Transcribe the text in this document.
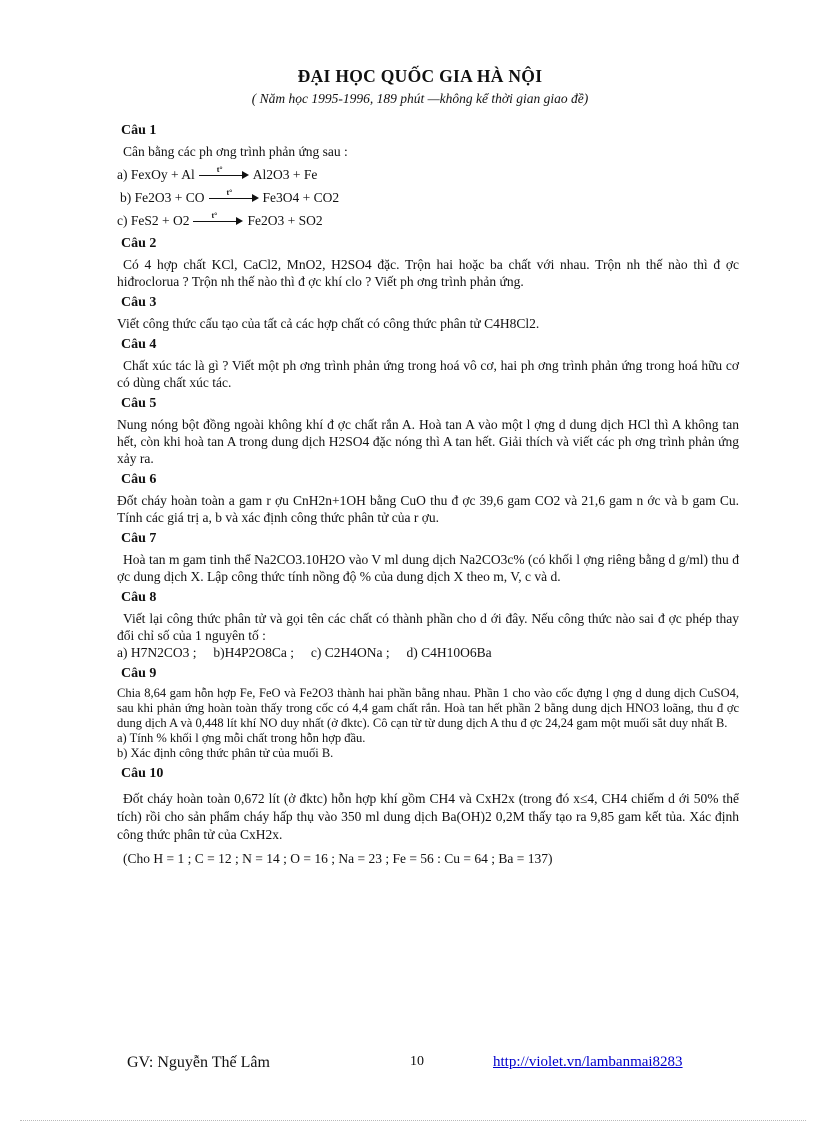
ĐẠI HỌC QUỐC GIA HÀ NỘI
( Năm học 1995-1996, 189 phút —không kể thời gian giao đề)
Câu 1

Cân bằng các ph ơng trình phản ứng sau :

a) FexOy + Al	t° Al2O3 + Fe
b) Fe2O3 + CO	t° Fe3O4 + CO2
c) FeS2 + O2	t° Fe2O3 + SO2
Câu 2

Có 4 hợp chất KCl, CaCl2, MnO2, H2SO4 đặc. Trộn hai hoặc ba chất với nhau. Trộn nh thế nào thì đ ợc hiđroclorua ? Trộn nh thế nào thì đ ợc khí clo ? Viết ph ơng trình phản ứng.

Câu 3

Viết công thức cấu tạo của tất cả các hợp chất có công thức phân tử C4H8Cl2.

Câu 4

Chất xúc tác là gì ? Viết một ph ơng trình phản ứng trong hoá vô cơ, hai ph ơng trình phản ứng trong hoá hữu cơ có dùng chất xúc tác.

Câu 5

Nung nóng bột đồng ngoài không khí đ ợc chất rắn A. Hoà tan A vào một l ợng d dung dịch HCl thì A không tan hết, còn khi hoà tan A trong dung dịch H2SO4 đặc nóng thì A tan hết. Giải thích và viết các ph ơng trình phản ứng xảy ra.

Câu 6

Đốt cháy hoàn toàn a gam r ợu CnH2n+1OH bằng CuO thu đ ợc 39,6 gam CO2 và 21,6 gam n ớc và b gam Cu. Tính các giá trị a, b và xác định công thức phân tử của r ợu.

Câu 7

Hoà tan m gam tinh thể Na2CO3.10H2O vào V ml dung dịch Na2CO3c% (có khối l ợng riêng bằng d g/ml) thu đ ợc dung dịch X. Lập công thức tính nồng độ % của dung dịch X theo m, V, c và d.

Câu 8

Viết lại công thức phân tử và gọi tên các chất có thành phần cho d ới đây. Nếu công thức nào sai đ ợc phép thay đổi chỉ số của 1 nguyên tố :

a) H7N2CO3 ;     b)H4P2O8Ca ;     c) C2H4ONa ;     d) C4H10O6Ba

Câu 9

Chia 8,64 gam hỗn hợp Fe, FeO và Fe2O3 thành hai phần bằng nhau. Phần 1 cho vào cốc đựng l ợng d dung dịch CuSO4, sau khi phản ứng hoàn toàn thấy trong cốc có 4,4 gam chất rắn. Hoà tan hết phần 2 bằng dung dịch HNO3 loãng, thu đ ợc dung dịch A và 0,448 lít khí NO duy nhất (ở đktc). Cô cạn từ từ dung dịch A thu đ ợc 24,24 gam một muối sắt duy nhất B.

a) Tính % khối l ợng mỗi chất trong hỗn hợp đầu.

b) Xác định công thức phân tử của muối B.

Câu 10

Đốt cháy hoàn toàn 0,672 lít (ở đktc) hỗn hợp khí gồm CH4 và CxH2x (trong đó x≤4, CH4 chiếm d ới 50% thể tích) rồi cho sản phẩm cháy hấp thụ vào 350 ml dung dịch Ba(OH)2 0,2M thấy tạo ra 9,85 gam kết tủa. Xác định công thức phân tử của CxH2x.

(Cho H = 1 ; C = 12 ; N = 14 ; O = 16 ; Na = 23 ; Fe = 56 : Cu = 64 ; Ba = 137)

GV: Nguyễn Thế Lâm	10	http://violet.vn/lambanmai8283
